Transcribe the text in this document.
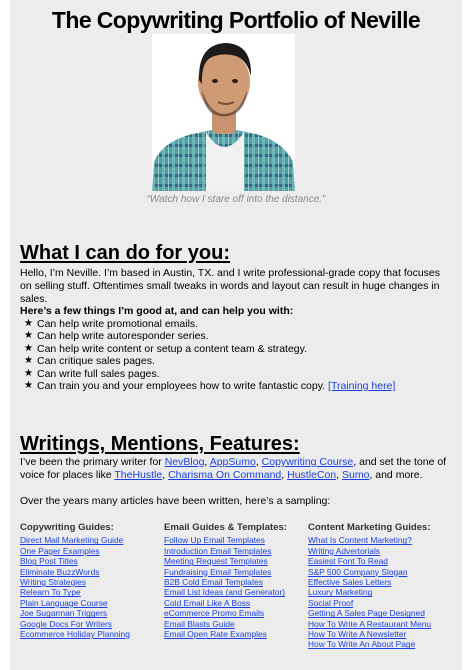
The Copywriting Portfolio of Neville
“Watch how I stare off into the distance.”
What I can do for you:
Hello, I’m Neville. I’m based in Austin, TX. and I write professional-grade copy that focuses on selling stuff. Oftentimes small tweaks in words and layout can result in huge changes in sales.
Here’s a few things I’m good at, and can help you with:
★ Can help write promotional emails.
★ Can help write autoresponder series.
★ Can help write content or setup a content team & strategy.
★ Can critique sales pages.
★ Can write full sales pages.
★ Can train you and your employees how to write fantastic copy. [Training here]
Writings, Mentions, Features:
I’ve been the primary writer for NevBlog, AppSumo, Copywriting Course, and set the tone of voice for places like TheHustle, Charisma On Command, HustleCon, Sumo, and more.
Over the years many articles have been written, here’s a sampling:
Copywriting Guides:
Direct Mail Marketing Guide
One Pager Examples
Blog Post Titles
Eliminate BuzzWords
Writing Strategies
Relearn To Type
Plain Language Course
Joe Sugarman Triggers
Google Docs For Writers
Ecommerce Holiday Planning
Email Guides & Templates:
Follow Up Email Templates
Introduction Email Templates
Meeting Request Templates
Fundraising Email Templates
B2B Cold Email Templates
Email List Ideas (and Generator)
Cold Email Like A Boss
eCommerce Promo Emails
Email Blasts Guide
Email Open Rate Examples
Content Marketing Guides:
What Is Content Marketing?
Writing Advertorials
Easiest Font To Read
S&P 500 Company Slogan
Effective Sales Letters
Luxury Marketing
Social Proof
Getting A Sales Page Designed
How To Write A Restaurant Menu
How To Write A Newsletter
How To Write An About Page
